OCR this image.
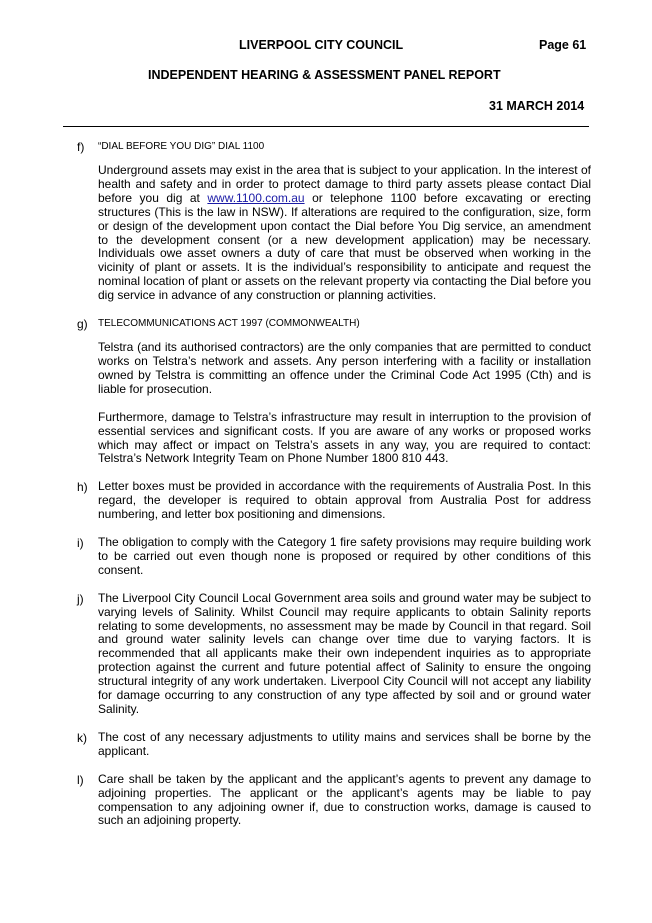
LIVERPOOL CITY COUNCIL	Page 61
INDEPENDENT HEARING & ASSESSMENT PANEL REPORT
31 MARCH 2014
f) “DIAL BEFORE YOU DIG” DIAL 1100

Underground assets may exist in the area that is subject to your application. In the interest of health and safety and in order to protect damage to third party assets please contact Dial before you dig at www.1100.com.au or telephone 1100 before excavating or erecting structures (This is the law in NSW). If alterations are required to the configuration, size, form or design of the development upon contact the Dial before You Dig service, an amendment to the development consent (or a new development application) may be necessary. Individuals owe asset owners a duty of care that must be observed when working in the vicinity of plant or assets. It is the individual’s responsibility to anticipate and request the nominal location of plant or assets on the relevant property via contacting the Dial before you dig service in advance of any construction or planning activities.

g) TELECOMMUNICATIONS ACT 1997 (COMMONWEALTH)

Telstra (and its authorised contractors) are the only companies that are permitted to conduct works on Telstra’s network and assets. Any person interfering with a facility or installation owned by Telstra is committing an offence under the Criminal Code Act 1995 (Cth) and is liable for prosecution.

Furthermore, damage to Telstra’s infrastructure may result in interruption to the provision of essential services and significant costs. If you are aware of any works or proposed works which may affect or impact on Telstra’s assets in any way, you are required to contact: Telstra’s Network Integrity Team on Phone Number 1800 810 443.

h) Letter boxes must be provided in accordance with the requirements of Australia Post. In this regard, the developer is required to obtain approval from Australia Post for address numbering, and letter box positioning and dimensions.

i) The obligation to comply with the Category 1 fire safety provisions may require building work to be carried out even though none is proposed or required by other conditions of this consent.

j) The Liverpool City Council Local Government area soils and ground water may be subject to varying levels of Salinity. Whilst Council may require applicants to obtain Salinity reports relating to some developments, no assessment may be made by Council in that regard. Soil and ground water salinity levels can change over time due to varying factors. It is recommended that all applicants make their own independent inquiries as to appropriate protection against the current and future potential affect of Salinity to ensure the ongoing structural integrity of any work undertaken. Liverpool City Council will not accept any liability for damage occurring to any construction of any type affected by soil and or ground water Salinity.

k) The cost of any necessary adjustments to utility mains and services shall be borne by the applicant.

l) Care shall be taken by the applicant and the applicant’s agents to prevent any damage to adjoining properties. The applicant or the applicant’s agents may be liable to pay compensation to any adjoining owner if, due to construction works, damage is caused to such an adjoining property.
